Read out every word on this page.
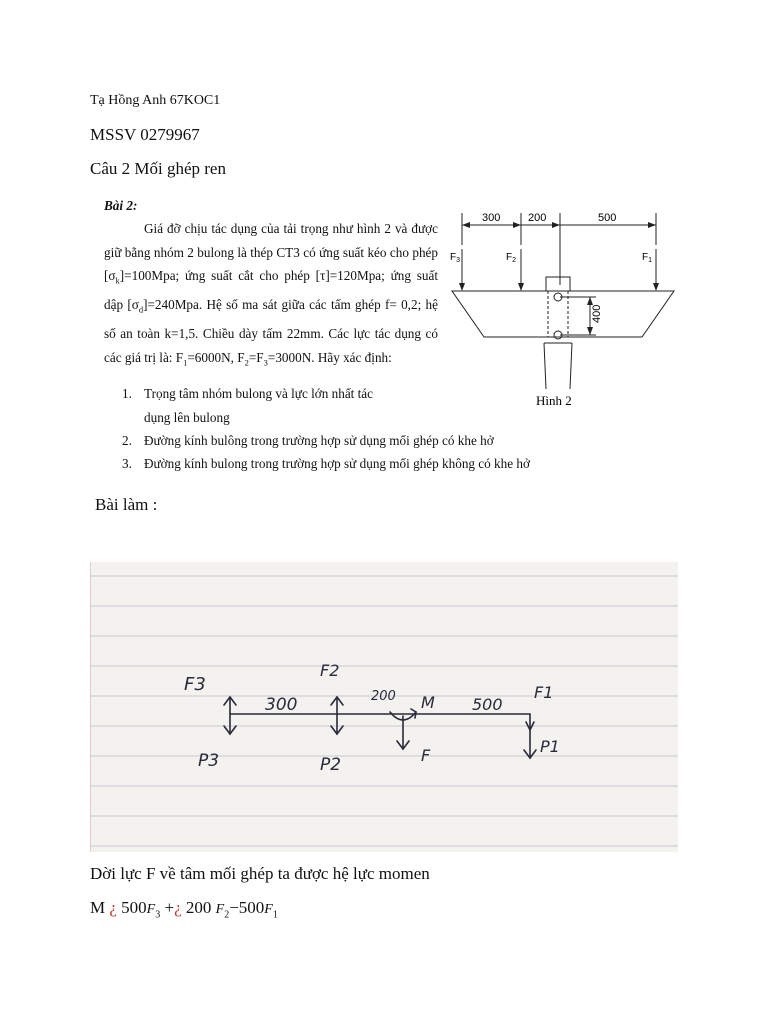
Tạ Hồng Anh 67KOC1
MSSV 0279967
Câu 2 Mối ghép ren
Bài 2:
Giá đỡ chịu tác dụng của tải trọng như hình 2 và được giữ bằng nhóm 2 bulong là thép CT3 có ứng suất kéo cho phép $[\sigma_k]=100Mpa$; ứng suất cắt cho phép [τ]=120Mpa; ứng suất dập $[\sigma_d]=240Mpa$. Hệ số ma sát giữa các tấm ghép f= 0,2; hệ số an toàn k=1,5. Chiều dày tấm 22mm. Các lực tác dụng có các giá trị là: $F_1=6000N$, $F_2=F_3=3000N$. Hãy xác định:
1. Trọng tâm nhóm bulong và lực lớn nhất tác
dụng lên bulong
2. Đường kính bulông trong trường hợp sử dụng mối ghép có khe hở
3. Đường kính bulong trong trường hợp sử dụng mối ghép không có khe hở
300	200	500
400
$F_3$	$F_2$	$F_1$
Hình 2
Bài làm :
F3
F2
200 M 500
F1
300
P3	P2	F	P1
Dời lực F về tâm mối ghép ta được hệ lực momen
M ¿ $500F_3$ +¿ 200 $F_2-500F_1$
